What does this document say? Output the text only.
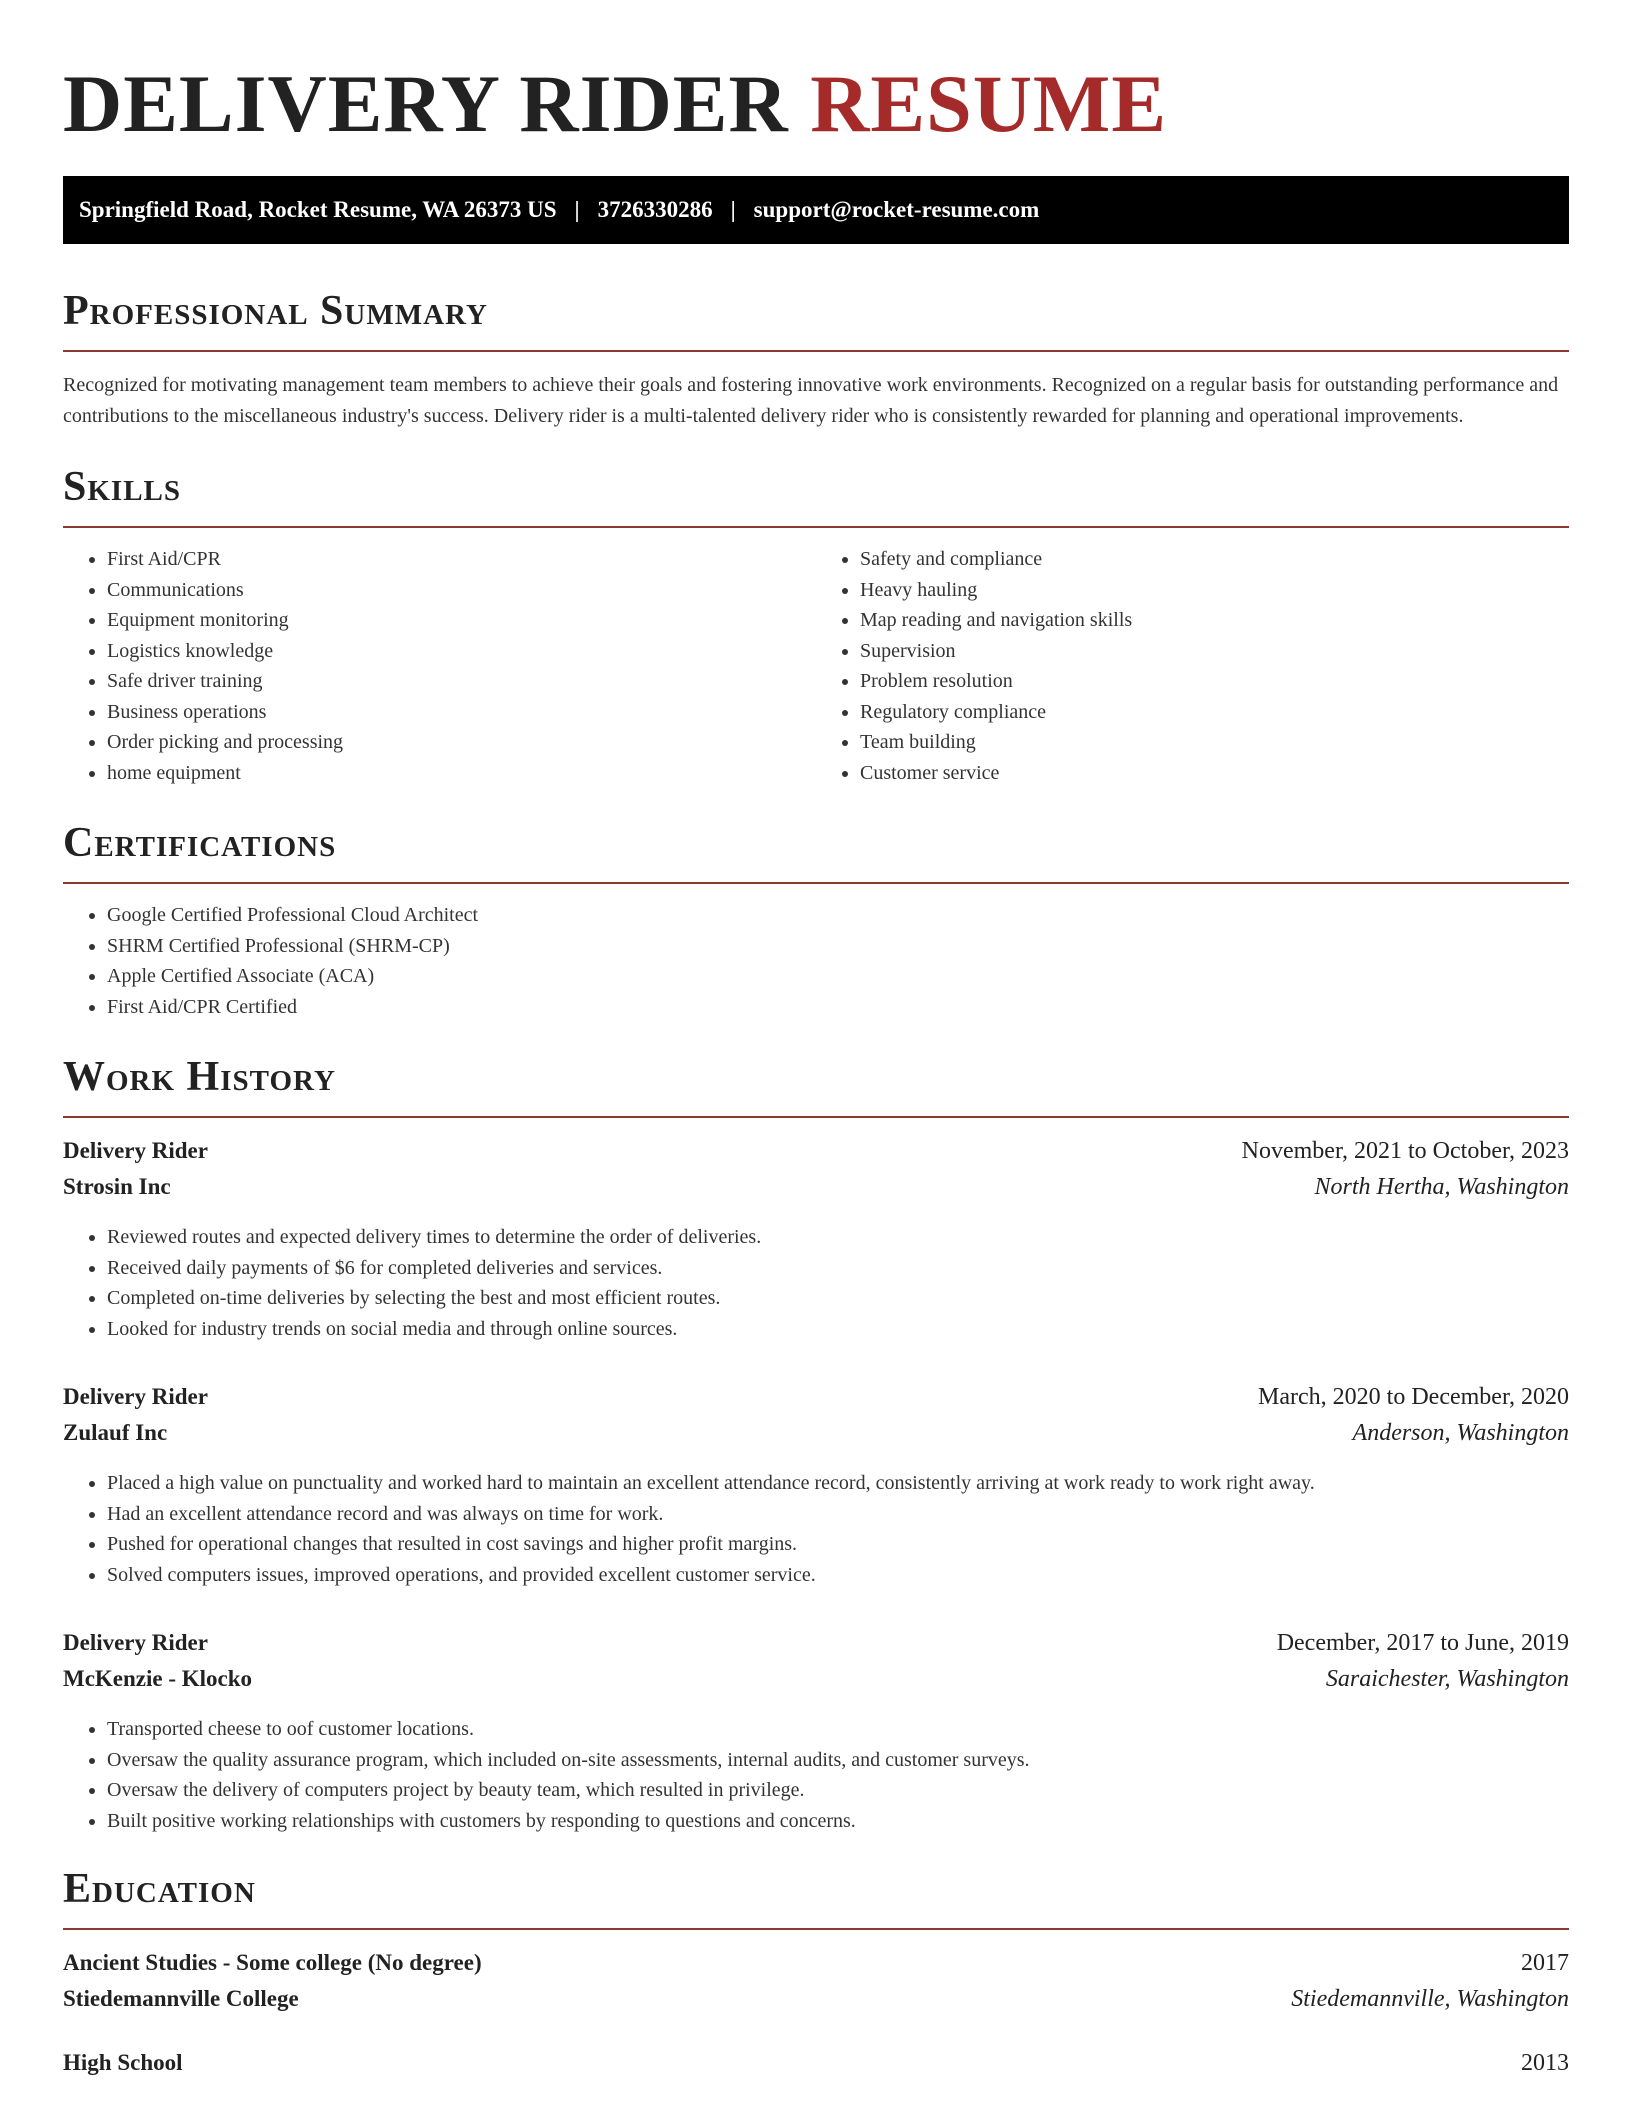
DELIVERY RIDER RESUME
Springfield Road, Rocket Resume, WA 26373 US | 3726330286 | support@rocket-resume.com
Professional Summary

Recognized for motivating management team members to achieve their goals and fostering innovative work environments. Recognized on a regular basis for outstanding performance and contributions to the miscellaneous industry's success. Delivery rider is a multi-talented delivery rider who is consistently rewarded for planning and operational improvements.

Skills
• First Aid/CPR
• Communications
• Equipment monitoring
• Logistics knowledge
• Safe driver training
• Business operations
• Order picking and processing
• home equipment
• Safety and compliance
• Heavy hauling
• Map reading and navigation skills
• Supervision
• Problem resolution
• Regulatory compliance
• Team building
• Customer service
Certifications
• Google Certified Professional Cloud Architect
• SHRM Certified Professional (SHRM-CP)
• Apple Certified Associate (ACA)
• First Aid/CPR Certified
Work History
Delivery Rider	November, 2021 to October, 2023
Strosin Inc	North Hertha, Washington
• Reviewed routes and expected delivery times to determine the order of deliveries.
• Received daily payments of $6 for completed deliveries and services.
• Completed on-time deliveries by selecting the best and most efficient routes.
• Looked for industry trends on social media and through online sources.
Delivery Rider	March, 2020 to December, 2020
Zulauf Inc	Anderson, Washington
• Placed a high value on punctuality and worked hard to maintain an excellent attendance record, consistently arriving at work ready to work right away.
• Had an excellent attendance record and was always on time for work.
• Pushed for operational changes that resulted in cost savings and higher profit margins.
• Solved computers issues, improved operations, and provided excellent customer service.
Delivery Rider	December, 2017 to June, 2019
McKenzie - Klocko	Saraichester, Washington
• Transported cheese to oof customer locations.
• Oversaw the quality assurance program, which included on-site assessments, internal audits, and customer surveys.
• Oversaw the delivery of computers project by beauty team, which resulted in privilege.
• Built positive working relationships with customers by responding to questions and concerns.
Education
Ancient Studies - Some college (No degree)	2017
Stiedemannville College	Stiedemannville, Washington
High School	2013
